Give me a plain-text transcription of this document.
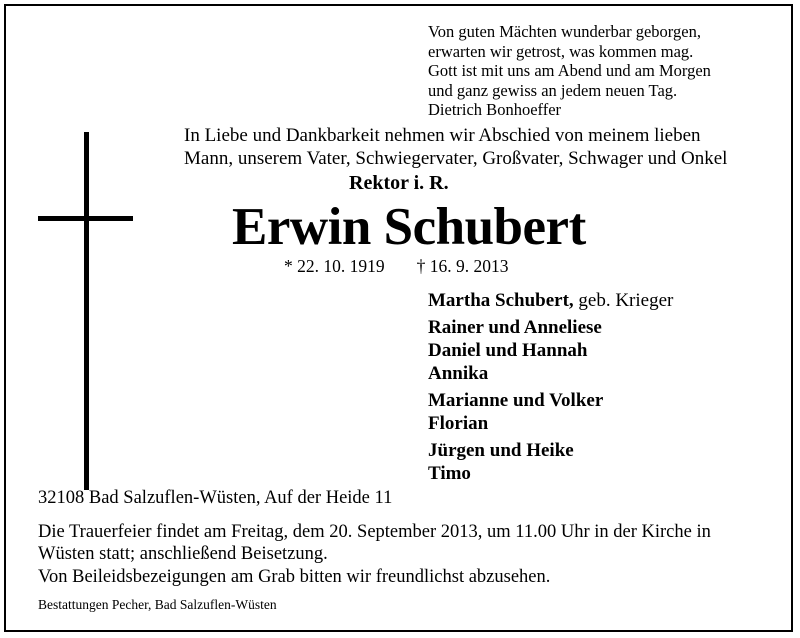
Von guten Mächten wunderbar geborgen,
erwarten wir getrost, was kommen mag.
Gott ist mit uns am Abend und am Morgen
und ganz gewiss an jedem neuen Tag.
Dietrich Bonhoeffer
In Liebe und Dankbarkeit nehmen wir Abschied von meinem lieben
Mann, unserem Vater, Schwiegervater, Großvater, Schwager und Onkel
Rektor i. R.
Erwin Schubert
* 22. 10. 1919 † 16. 9. 2013
Martha Schubert, geb. Krieger
Rainer und Anneliese
Daniel und Hannah
Annika
Marianne und Volker
Florian
Jürgen und Heike
Timo
32108 Bad Salzuflen-Wüsten, Auf der Heide 11
Die Trauerfeier findet am Freitag, dem 20. September 2013, um 11.00 Uhr in der Kirche in
Wüsten statt; anschließend Beisetzung.
Von Beileidsbezeigungen am Grab bitten wir freundlichst abzusehen.
Bestattungen Pecher, Bad Salzuflen-Wüsten
